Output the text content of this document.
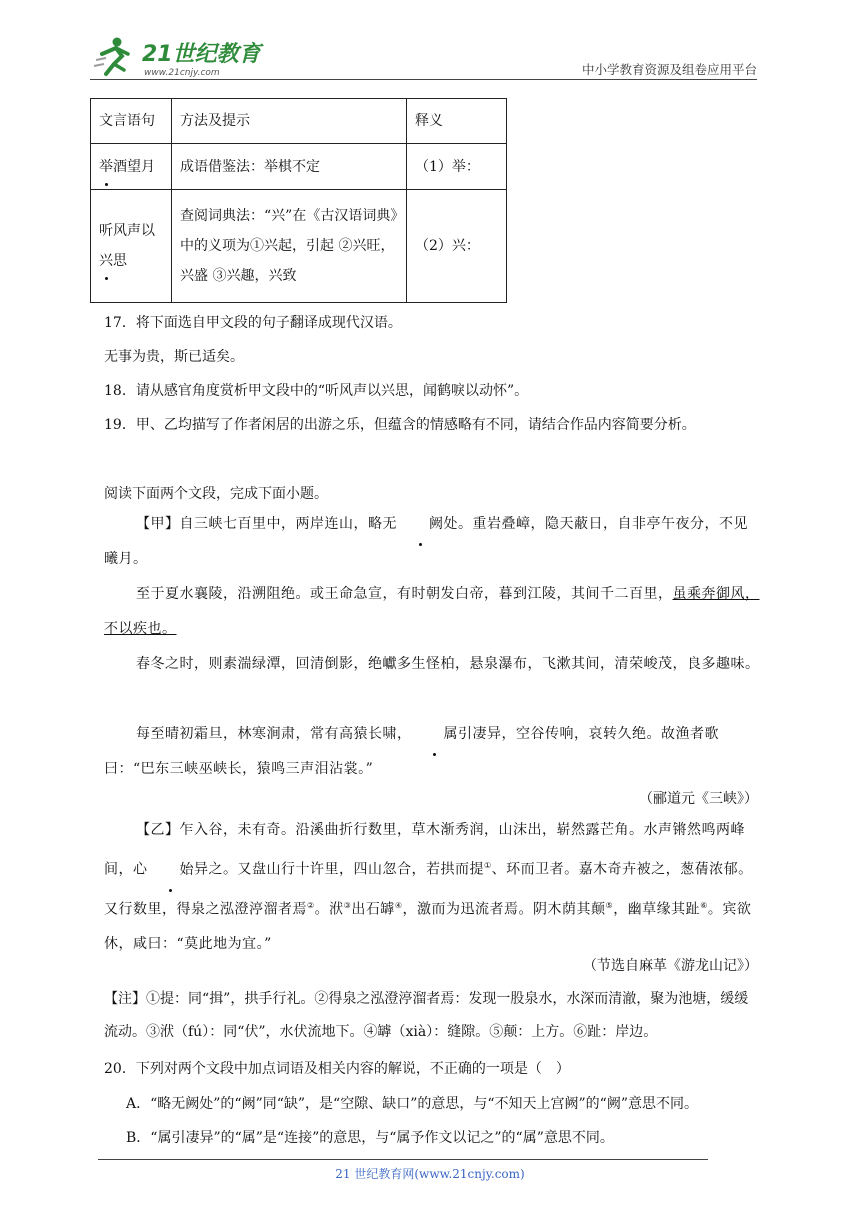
21世纪教育
www.21cnjy.com	中小学教育资源及组卷应用平台
文言语句	方法及提示	释义
举酒望月	成语借鉴法：举棋不定	（1）举：
听风声以
兴思	查阅词典法：“兴”在《古汉语词典》中的义项为①兴起，引起 ②兴旺，兴盛 ③兴趣，兴致	（2）兴：
17．将下面选自甲文段的句子翻译成现代汉语。
无事为贵，斯已适矣。
18．请从感官角度赏析甲文段中的“听风声以兴思，闻鹤唳以动怀”。
19．甲、乙均描写了作者闲居的出游之乐，但蕴含的情感略有不同，请结合作品内容简要分析。
阅读下面两个文段，完成下面小题。
【甲】自三峡七百里中，两岸连山，略无 阙处。重岩叠嶂，隐天蔽日，自非亭午夜分，不见曦月。
至于夏水襄陵，沿溯阻绝。或王命急宣，有时朝发白帝，暮到江陵，其间千二百里，虽乘奔御风，不以疾也。
春冬之时，则素湍绿潭，回清倒影，绝巘多生怪柏，悬泉瀑布，飞漱其间，清荣峻茂，良多趣味。
每至晴初霜旦，林寒涧肃，常有高猿长啸， 属引凄异，空谷传响，哀转久绝。故渔者歌曰：“巴东三峡巫峡长，猿鸣三声泪沾裳。”
（郦道元《三峡》）
【乙】乍入谷，未有奇。沿溪曲折行数里，草木渐秀润，山沫出，崭然露芒角。水声锵然鸣两峰间，心 始异之。又盘山行十许里，四山忽合，若拱而提①、环而卫者。嘉木奇卉被之，葱蒨浓郁。又行数里，得泉之泓澄渟溜者焉②。洑③出石罅④，激而为迅流者焉。阴木荫其颠⑤，幽草缘其趾⑥。宾欲休，咸曰：“莫此地为宜。”
（节选自麻革《游龙山记》）
【注】①提：同“揖”，拱手行礼。②得泉之泓澄渟溜者焉：发现一股泉水，水深而清澈，聚为池塘，缓缓流动。③洑（fú）：同“伏”，水伏流地下。④罅（xià）：缝隙。⑤颠：上方。⑥趾：岸边。
20．下列对两个文段中加点词语及相关内容的解说，不正确的一项是（　）
A．“略无阙处”的“阙”同“缺”，是“空隙、缺口”的意思，与“不知天上宫阙”的“阙”意思不同。
B．“属引凄异”的“属”是“连接”的意思，与“属予作文以记之”的“属”意思不同。
21 世纪教育网(www.21cnjy.com)
